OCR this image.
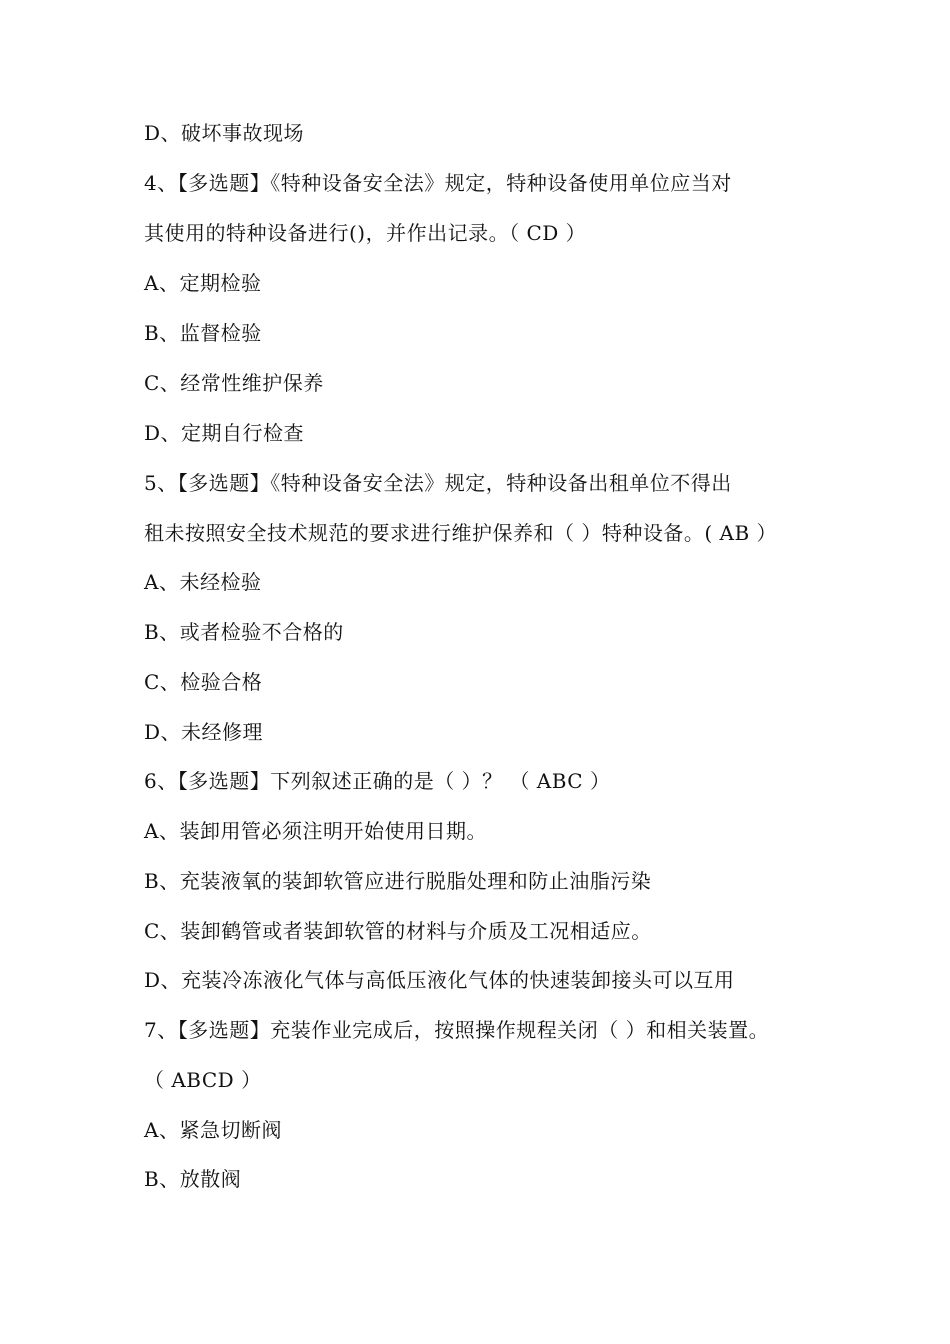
D、破坏事故现场
4、【多选题】《特种设备安全法》规定，特种设备使用单位应当对
其使用的特种设备进行()，并作出记录。（ CD ）
A、定期检验
B、监督检验
C、经常性维护保养
D、定期自行检查
5、【多选题】《特种设备安全法》规定，特种设备出租单位不得出
租未按照安全技术规范的要求进行维护保养和（ ）特种设备。( AB ）
A、未经检验
B、或者检验不合格的
C、检验合格
D、未经修理
6、【多选题】下列叙述正确的是（ ）？ （ ABC ）
A、装卸用管必须注明开始使用日期。
B、充装液氧的装卸软管应进行脱脂处理和防止油脂污染
C、装卸鹤管或者装卸软管的材料与介质及工况相适应。
D、充装冷冻液化气体与高低压液化气体的快速装卸接头可以互用
7、【多选题】充装作业完成后，按照操作规程关闭（ ）和相关装置。
（ ABCD ）
A、紧急切断阀
B、放散阀
